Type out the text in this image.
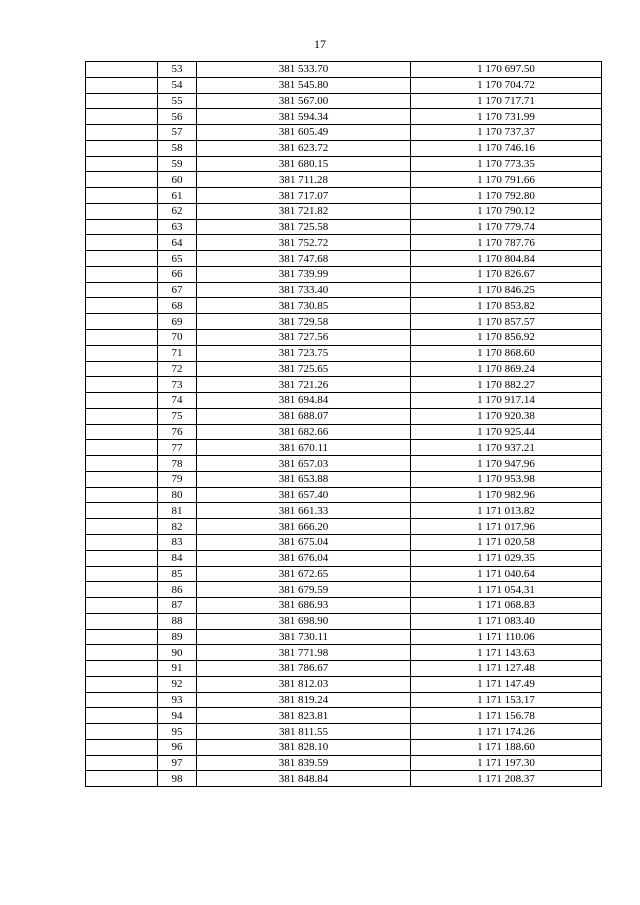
17
	53	381 533.70	1 170 697.50
	54	381 545.80	1 170 704.72
	55	381 567.00	1 170 717.71
	56	381 594.34	1 170 731.99
	57	381 605.49	1 170 737.37
	58	381 623.72	1 170 746.16
	59	381 680.15	1 170 773.35
	60	381 711.28	1 170 791.66
	61	381 717.07	1 170 792.80
	62	381 721.82	1 170 790.12
	63	381 725.58	1 170 779.74
	64	381 752.72	1 170 787.76
	65	381 747.68	1 170 804.84
	66	381 739.99	1 170 826.67
	67	381 733.40	1 170 846.25
	68	381 730.85	1 170 853.82
	69	381 729.58	1 170 857.57
	70	381 727.56	1 170 856.92
	71	381 723.75	1 170 868.60
	72	381 725.65	1 170 869.24
	73	381 721.26	1 170 882.27
	74	381 694.84	1 170 917.14
	75	381 688.07	1 170 920.38
	76	381 682.66	1 170 925.44
	77	381 670.11	1 170 937.21
	78	381 657.03	1 170 947.96
	79	381 653.88	1 170 953.98
	80	381 657.40	1 170 982.96
	81	381 661.33	1 171 013.82
	82	381 666.20	1 171 017.96
	83	381 675.04	1 171 020.58
	84	381 676.04	1 171 029.35
	85	381 672.65	1 171 040.64
	86	381 679.59	1 171 054.31
	87	381 686.93	1 171 068.83
	88	381 698.90	1 171 083.40
	89	381 730.11	1 171 110.06
	90	381 771.98	1 171 143.63
	91	381 786.67	1 171 127.48
	92	381 812.03	1 171 147.49
	93	381 819.24	1 171 153.17
	94	381 823.81	1 171 156.78
	95	381 811.55	1 171 174.26
	96	381 828.10	1 171 188.60
	97	381 839.59	1 171 197.30
	98	381 848.84	1 171 208.37
